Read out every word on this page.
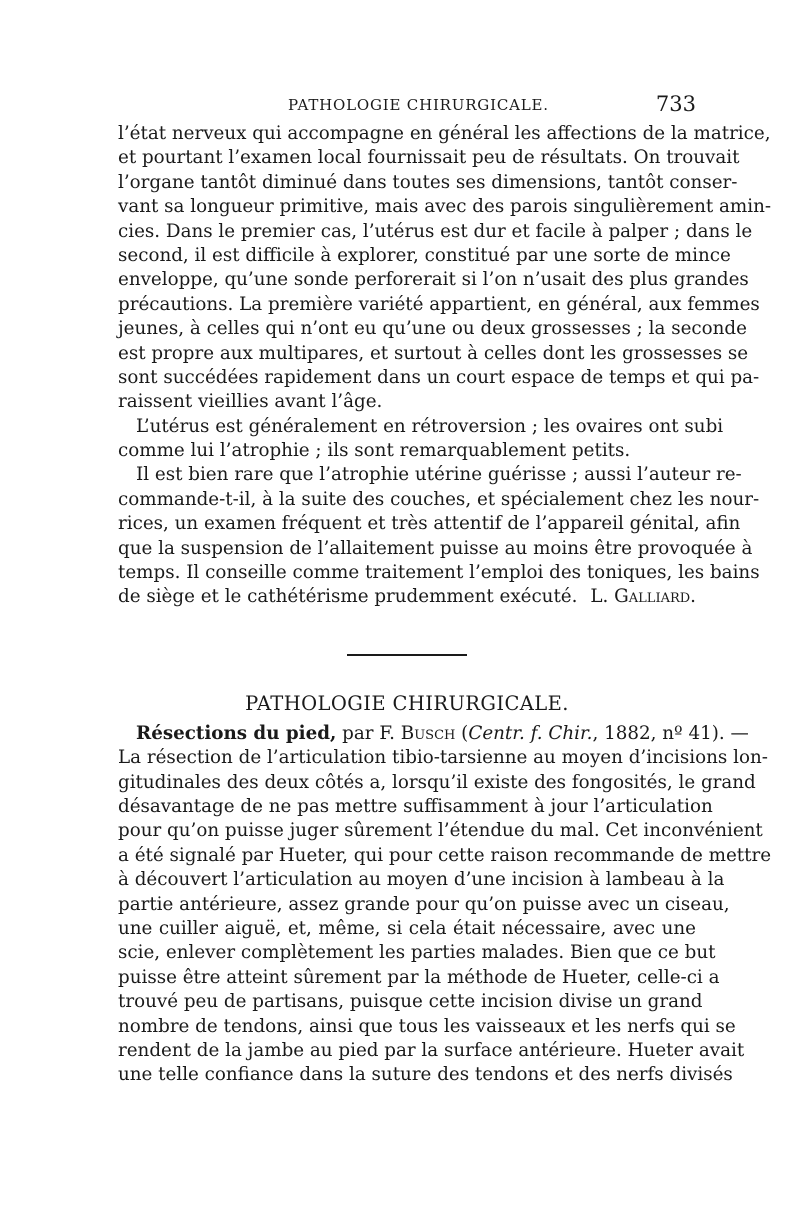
PATHOLOGIE CHIRURGICALE.	733
l’état nerveux qui accompagne en général les affections de la matrice,
et pourtant l’examen local fournissait peu de résultats. On trouvait
l’organe tantôt diminué dans toutes ses dimensions, tantôt conser-
vant sa longueur primitive, mais avec des parois singulièrement amin-
cies. Dans le premier cas, l’utérus est dur et facile à palper ; dans le
second, il est difficile à explorer, constitué par une sorte de mince
enveloppe, qu’une sonde perforerait si l’on n’usait des plus grandes
précautions. La première variété appartient, en général, aux femmes
jeunes, à celles qui n’ont eu qu’une ou deux grossesses ; la seconde
est propre aux multipares, et surtout à celles dont les grossesses se
sont succédées rapidement dans un court espace de temps et qui pa-
raissent vieillies avant l’âge.
L’utérus est généralement en rétroversion ; les ovaires ont subi
comme lui l’atrophie ; ils sont remarquablement petits.
Il est bien rare que l’atrophie utérine guérisse ; aussi l’auteur re-
commande-t-il, à la suite des couches, et spécialement chez les nour-
rices, un examen fréquent et très attentif de l’appareil génital, afin
que la suspension de l’allaitement puisse au moins être provoquée à
temps. Il conseille comme traitement l’emploi des toniques, les bains
de siège et le cathétérisme prudemment exécuté. L. Galliard.
PATHOLOGIE CHIRURGICALE.
Résections du pied, par F. Busch (Centr. f. Chir., 1882, nº 41). —
La résection de l’articulation tibio-tarsienne au moyen d’incisions lon-
gitudinales des deux côtés a, lorsqu’il existe des fongosités, le grand
désavantage de ne pas mettre suffisamment à jour l’articulation
pour qu’on puisse juger sûrement l’étendue du mal. Cet inconvénient
a été signalé par Hueter, qui pour cette raison recommande de mettre
à découvert l’articulation au moyen d’une incision à lambeau à la
partie antérieure, assez grande pour qu’on puisse avec un ciseau,
une cuiller aiguë, et, même, si cela était nécessaire, avec une
scie, enlever complètement les parties malades. Bien que ce but
puisse être atteint sûrement par la méthode de Hueter, celle-ci a
trouvé peu de partisans, puisque cette incision divise un grand
nombre de tendons, ainsi que tous les vaisseaux et les nerfs qui se
rendent de la jambe au pied par la surface antérieure. Hueter avait
une telle confiance dans la suture des tendons et des nerfs divisés
